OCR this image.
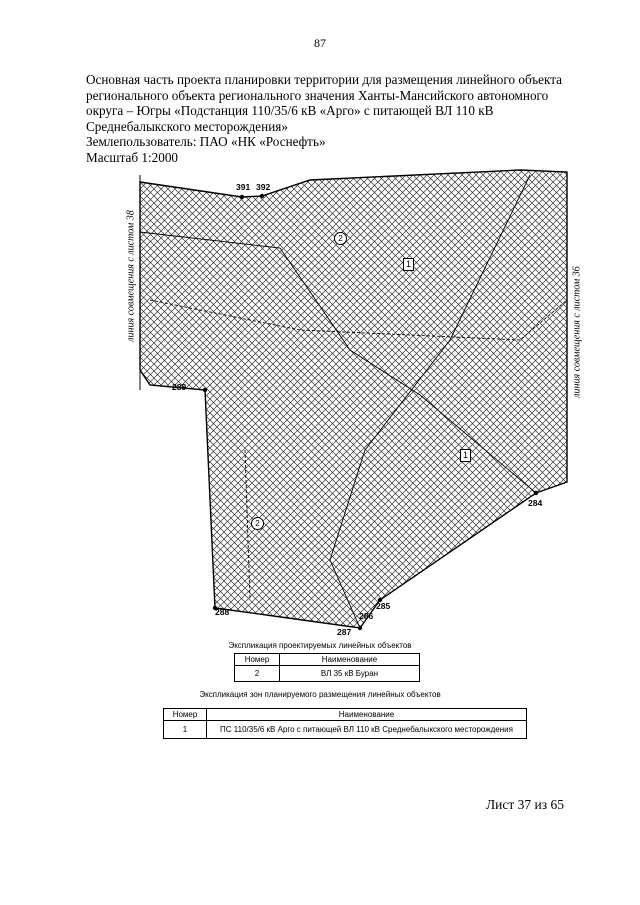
87
Основная часть проекта планировки территории для размещения линейного объекта
регионального объекта регионального значения Ханты-Мансийского автономного
округа – Югры «Подстанция 110/35/6 кВ «Арго» с питающей ВЛ 110 кВ
Среднебалыкского месторождения»
Землепользователь: ПАО «НК «Роснефть»
Масштаб 1:2000
линия совмещения с листом 38	линия совмещения с листом 36
391 392
289
284
285
286
287
288
1
2
2
1
Экспликация проектируемых линейных объектов
Номер	Наименование
2	ВЛ 35 кВ Буран
Экспликация зон планируемого размещения линейных объектов
Номер	Наименование
1	ПС 110/35/6 кВ Арго с питающей ВЛ 110 кВ Среднебалыкского месторождения
Лист 37 из 65
